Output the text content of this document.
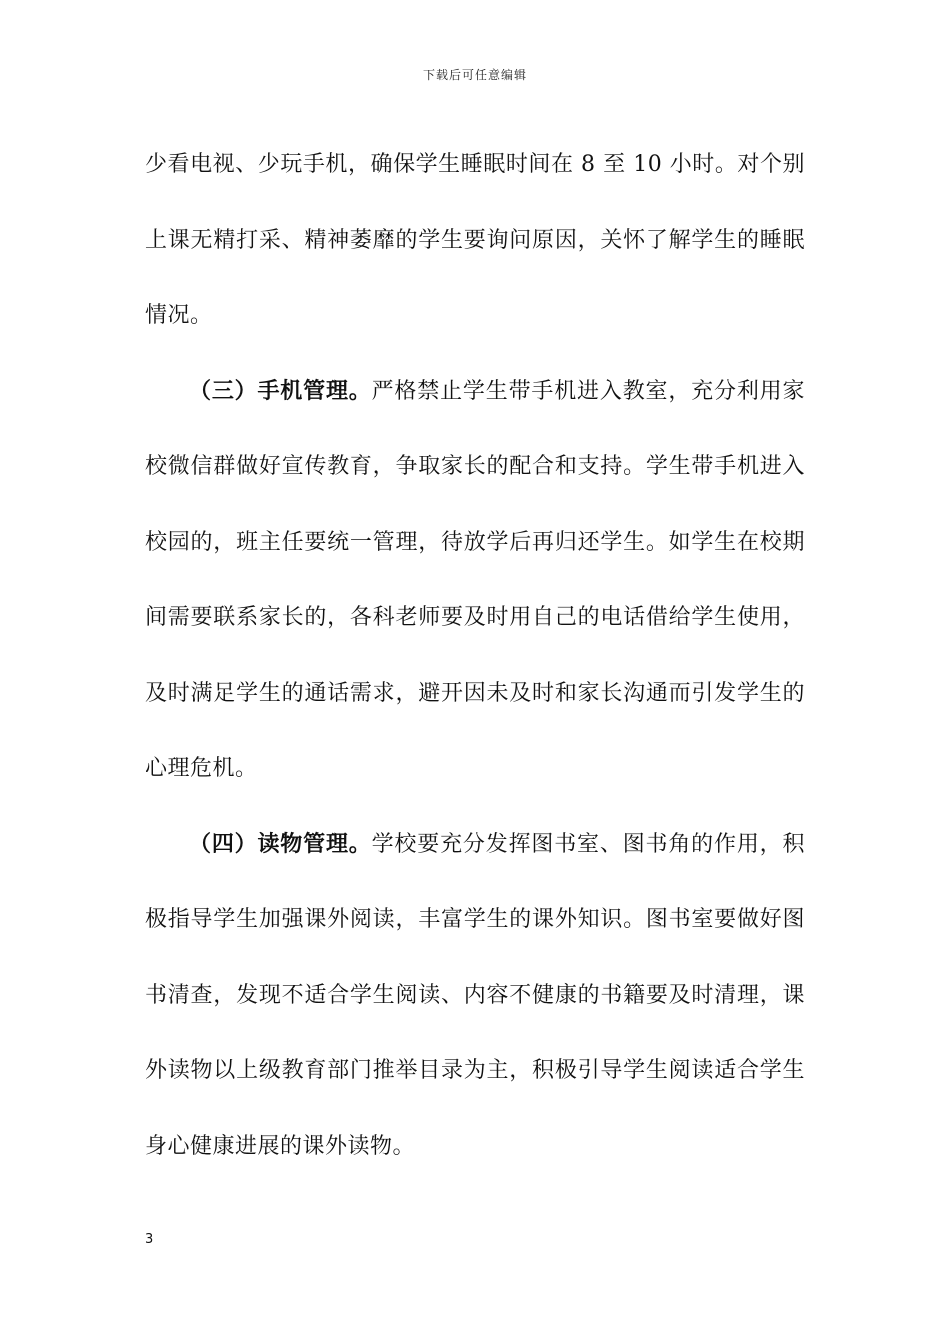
下载后可任意编辑

少看电视、少玩手机，确保学生睡眠时间在 8 至 10 小时。对个别上课无精打采、精神萎靡的学生要询问原因，关怀了解学生的睡眠情况。

（三）手机管理。严格禁止学生带手机进入教室，充分利用家校微信群做好宣传教育，争取家长的配合和支持。学生带手机进入校园的，班主任要统一管理，待放学后再归还学生。如学生在校期间需要联系家长的，各科老师要及时用自己的电话借给学生使用，及时满足学生的通话需求，避开因未及时和家长沟通而引发学生的心理危机。

（四）读物管理。学校要充分发挥图书室、图书角的作用，积极指导学生加强课外阅读，丰富学生的课外知识。图书室要做好图书清查，发现不适合学生阅读、内容不健康的书籍要及时清理，课外读物以上级教育部门推举目录为主，积极引导学生阅读适合学生身心健康进展的课外读物。

3
